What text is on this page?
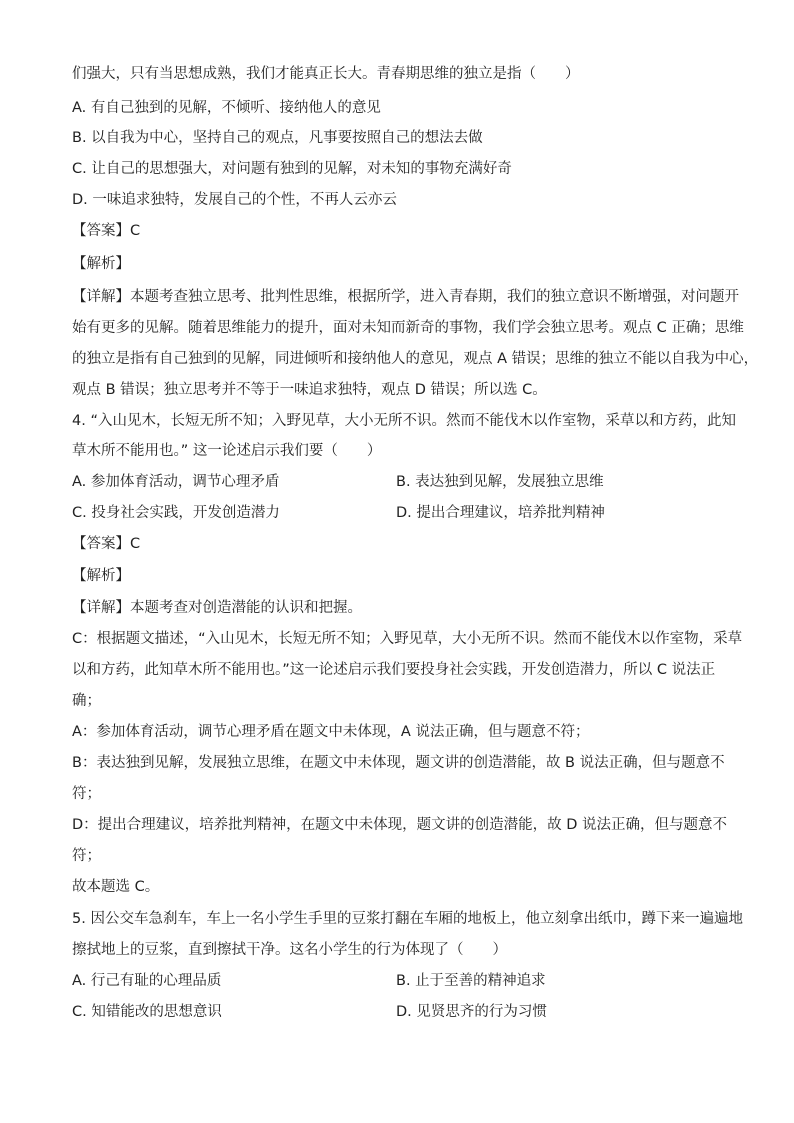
们强大，只有当思想成熟，我们才能真正长大。青春期思维的独立是指（　　）
A. 有自己独到的见解，不倾听、接纳他人的意见
B. 以自我为中心，坚持自己的观点，凡事要按照自己的想法去做
C. 让自己的思想强大，对问题有独到的见解，对未知的事物充满好奇
D. 一味追求独特，发展自己的个性，不再人云亦云
【答案】C
【解析】
【详解】本题考查独立思考、批判性思维，根据所学，进入青春期，我们的独立意识不断增强，对问题开
始有更多的见解。随着思维能力的提升，面对未知而新奇的事物，我们学会独立思考。观点 C 正确；思维
的独立是指有自己独到的见解，同进倾听和接纳他人的意见，观点 A 错误；思维的独立不能以自我为中心，
观点 B 错误；独立思考并不等于一味追求独特，观点 D 错误；所以选 C。
4. “入山见木，长短无所不知；入野见草，大小无所不识。然而不能伐木以作室物，采草以和方药，此知
草木所不能用也。” 这一论述启示我们要（　　）
A. 参加体育活动，调节心理矛盾	B. 表达独到见解，发展独立思维
C. 投身社会实践，开发创造潜力	D. 提出合理建议，培养批判精神
【答案】C
【解析】
【详解】本题考查对创造潜能的认识和把握。
C：根据题文描述，“入山见木，长短无所不知；入野见草，大小无所不识。然而不能伐木以作室物，采草
以和方药，此知草木所不能用也。”这一论述启示我们要投身社会实践，开发创造潜力，所以 C 说法正
确；
A：参加体育活动，调节心理矛盾在题文中未体现，A 说法正确，但与题意不符；
B：表达独到见解，发展独立思维，在题文中未体现，题文讲的创造潜能，故 B 说法正确，但与题意不
符；
D：提出合理建议，培养批判精神，在题文中未体现，题文讲的创造潜能，故 D 说法正确，但与题意不
符；
故本题选 C。
5. 因公交车急刹车，车上一名小学生手里的豆浆打翻在车厢的地板上，他立刻拿出纸巾，蹲下来一遍遍地
擦拭地上的豆浆，直到擦拭干净。这名小学生的行为体现了（　　）
A. 行己有耻的心理品质	B. 止于至善的精神追求
C. 知错能改的思想意识	D. 见贤思齐的行为习惯
